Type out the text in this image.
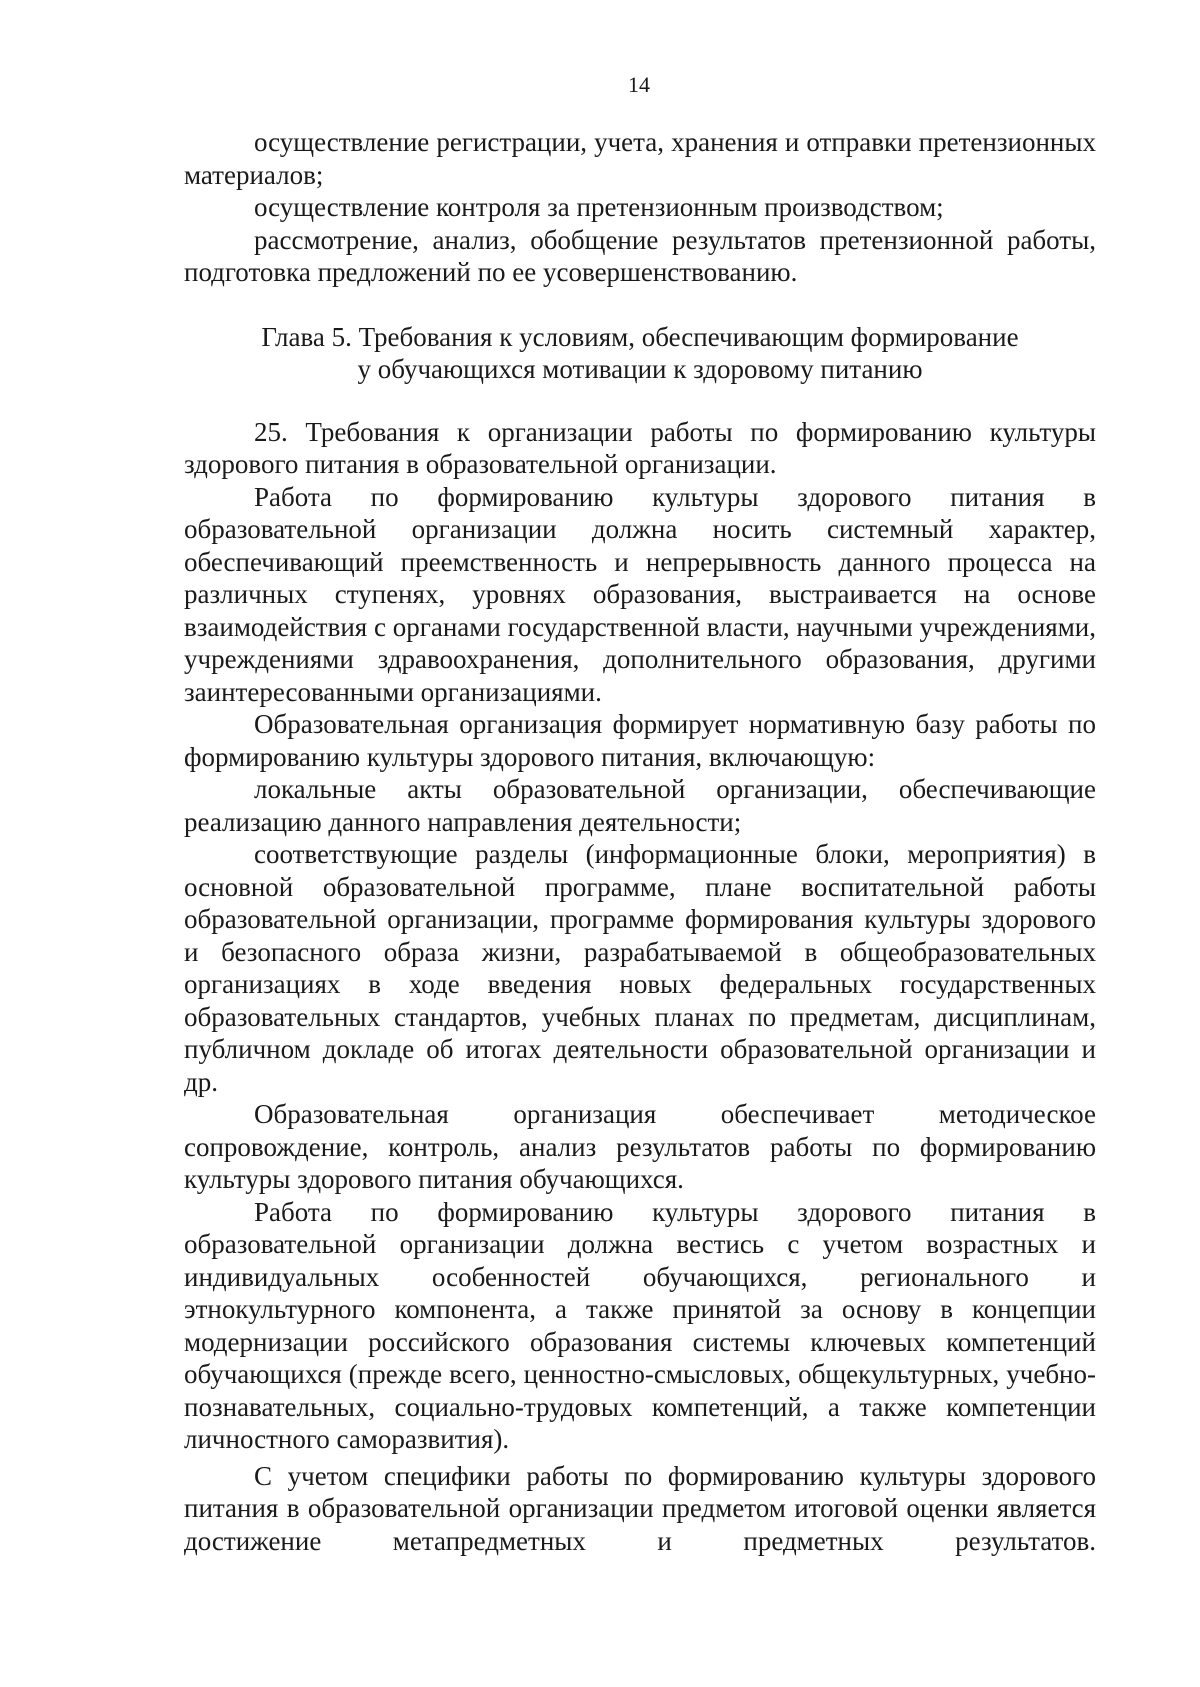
14

осуществление регистрации, учета, хранения и отправки претензионных материалов;

осуществление контроля за претензионным производством;

рассмотрение, анализ, обобщение результатов претензионной работы, подготовка предложений по ее усовершенствованию.

Глава 5. Требования к условиям, обеспечивающим формирование
у обучающихся мотивации к здоровому питанию

25. Требования к организации работы по формированию культуры здорового питания в образовательной организации.

Работа по формированию культуры здорового питания в образовательной организации должна носить системный характер, обеспечивающий преемственность и непрерывность данного процесса на различных ступенях, уровнях образования, выстраивается на основе взаимодействия с органами государственной власти, научными учреждениями, учреждениями здравоохранения, дополнительного образования, другими заинтересованными организациями.

Образовательная организация формирует нормативную базу работы по формированию культуры здорового питания, включающую:

локальные акты образовательной организации, обеспечивающие реализацию данного направления деятельности;

соответствующие разделы (информационные блоки, мероприятия) в основной образовательной программе, плане воспитательной работы образовательной организации, программе формирования культуры здорового и безопасного образа жизни, разрабатываемой в общеобразовательных организациях в ходе введения новых федеральных государственных образовательных стандартов, учебных планах по предметам, дисциплинам, публичном докладе об итогах деятельности образовательной организации и др.

Образовательная организация обеспечивает методическое сопровождение, контроль, анализ результатов работы по формированию культуры здорового питания обучающихся.

Работа по формированию культуры здорового питания в образовательной организации должна вестись с учетом возрастных и индивидуальных особенностей обучающихся, регионального и этнокультурного компонента, а также принятой за основу в концепции модернизации российского образования системы ключевых компетенций обучающихся (прежде всего, ценностно-смысловых, общекультурных, учебно-познавательных, социально-трудовых компетенций, а также компетенции личностного саморазвития).

С учетом специфики работы по формированию культуры здорового питания в образовательной организации предметом итоговой оценки является достижение метапредметных и предметных результатов.
